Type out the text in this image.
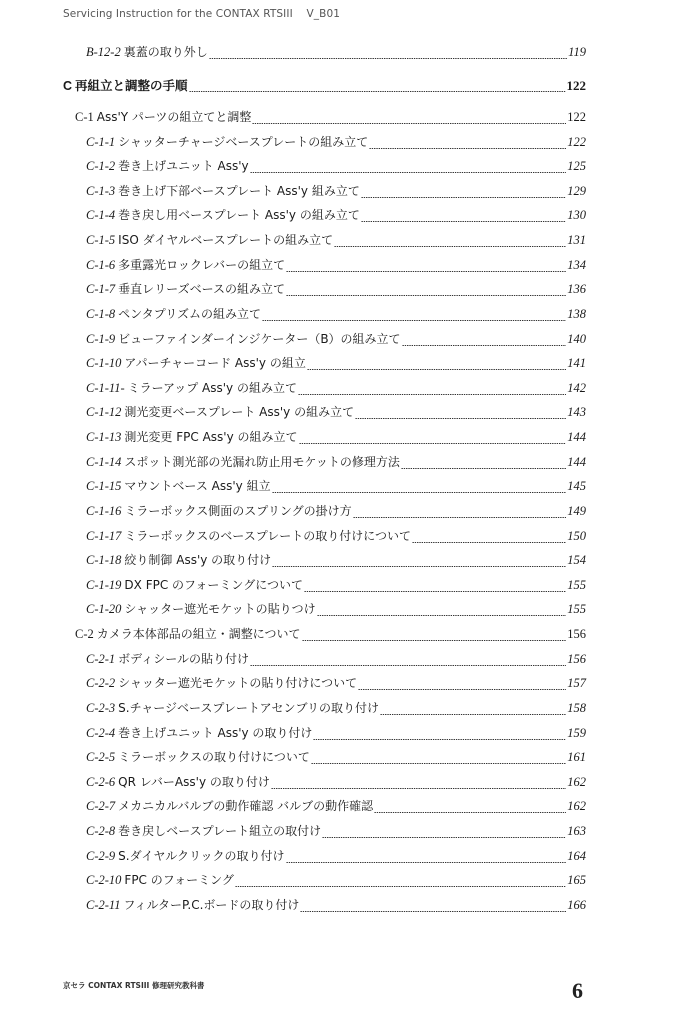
Servicing Instruction for the CONTAX RTSIII    V_B01
B-12-2 裏蓋の取り外し	119
C 再組立と調整の手順	122
C-1 Ass'Y パーツの組立てと調整	122
C-1-1 シャッターチャージベースプレートの組み立て	122
C-1-2 巻き上げユニット Ass'y	125
C-1-3 巻き上げ下部ベースプレート Ass'y 組み立て	129
C-1-4 巻き戻し用ベースプレート Ass'y の組み立て	130
C-1-5 ISO ダイヤルベースプレートの組み立て	131
C-1-6 多重露光ロックレバーの組立て	134
C-1-7 垂直レリーズベースの組み立て	136
C-1-8 ペンタプリズムの組み立て	138
C-1-9 ビューファインダーインジケーター（B）の組み立て	140
C-1-10 アパーチャーコード Ass'y の組立	141
C-1-11- ミラーアップ Ass'y の組み立て	142
C-1-12 測光変更ベースプレート Ass'y の組み立て	143
C-1-13 測光変更 FPC Ass'y の組み立て	144
C-1-14 スポット測光部の光漏れ防止用モケットの修理方法	144
C-1-15 マウントベース Ass'y 組立	145
C-1-16 ミラーボックス側面のスプリングの掛け方	149
C-1-17 ミラーボックスのベースプレートの取り付けについて	150
C-1-18 絞り制御 Ass'y の取り付け	154
C-1-19 DX FPC のフォーミングについて	155
C-1-20 シャッター遮光モケットの貼りつけ	155
C-2 カメラ本体部品の組立・調整について	156
C-2-1 ボディシールの貼り付け	156
C-2-2 シャッター遮光モケットの貼り付けについて	157
C-2-3 S.チャージベースプレートアセンブリの取り付け	158
C-2-4 巻き上げユニット Ass'y の取り付け	159
C-2-5 ミラーボックスの取り付けについて	161
C-2-6 QR レバーAss'y の取り付け	162
C-2-7 メカニカルバルブの動作確認 バルブの動作確認	162
C-2-8 巻き戻しベースプレート組立の取付け	163
C-2-9 S.ダイヤルクリックの取り付け	164
C-2-10 FPC のフォーミング	165
C-2-11 フィルターP.C.ボードの取り付け	166
京セラ CONTAX RTSIII 修理研究教科書	6
